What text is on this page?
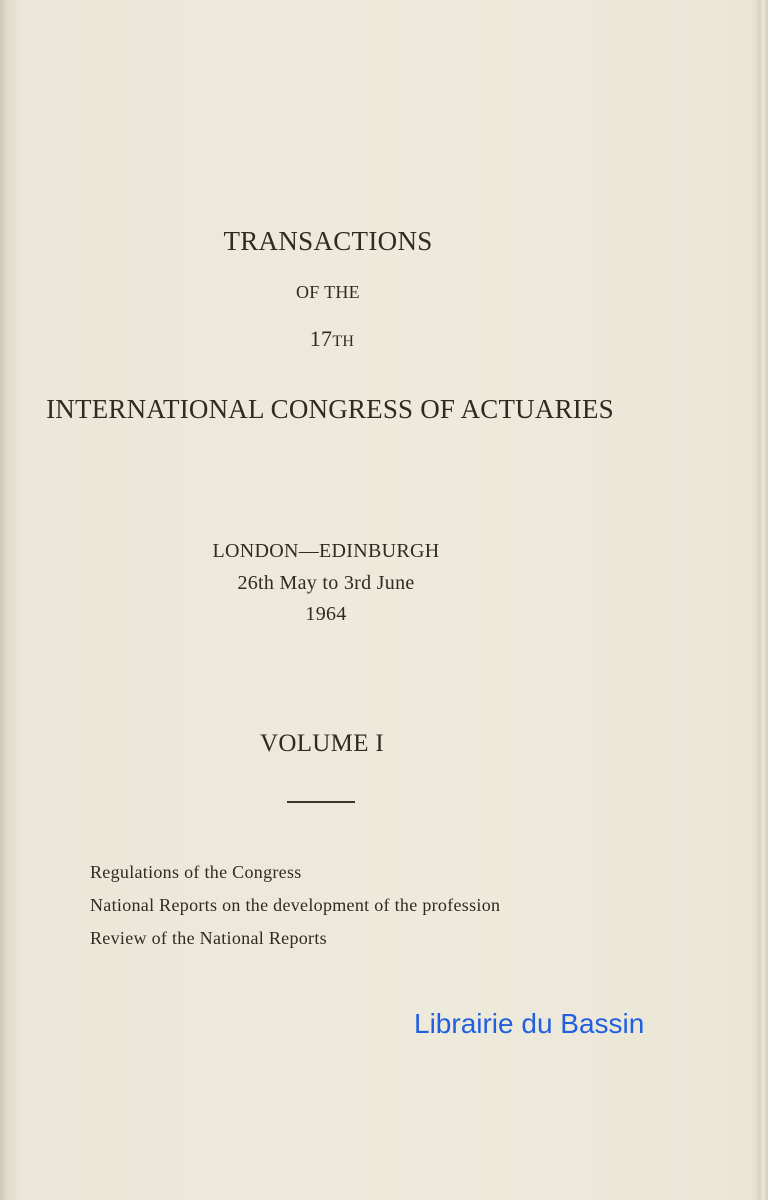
TRANSACTIONS
OF THE
17TH
INTERNATIONAL CONGRESS OF ACTUARIES
LONDON—EDINBURGH
26th May to 3rd June
1964
VOLUME I
Regulations of the Congress
National Reports on the development of the profession
Review of the National Reports
Librairie du Bassin
